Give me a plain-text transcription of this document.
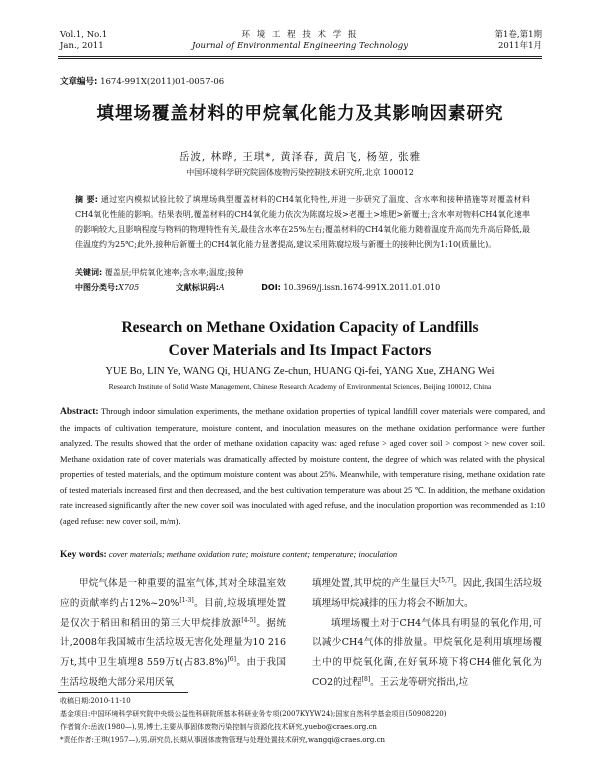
Vol.1, No.1
Jan., 2011
环 境 工 程 技 术 学 报
Journal of Environmental Engineering Technology
第1卷,第1期
2011年1月
文章编号: 1674-991X(2011)01-0057-06
填埋场覆盖材料的甲烷氧化能力及其影响因素研究
岳波, 林晔, 王琪*, 黄泽春, 黄启飞, 杨堃, 张雅
中国环境科学研究院固体废物污染控制技术研究所,北京 100012
摘 要: 通过室内模拟试验比较了填埋场典型覆盖材料的CH4氧化特性,并进一步研究了温度、含水率和接种措施等对覆盖材料CH4氧化性能的影响。结果表明,覆盖材料的CH4氧化能力依次为陈腐垃圾>老覆土>堆肥>新覆土;含水率对物料CH4氧化速率的影响较大,且影响程度与物料的物理特性有关,最佳含水率在25%左右;覆盖材料的CH4氧化能力随着温度升高而先升高后降低,最佳温度约为25℃;此外,接种后新覆土的CH4氧化能力显著提高,建议采用陈腐垃圾与新覆土的接种比例为1:10(质量比)。
关键词: 覆盖层;甲烷氧化速率;含水率;温度;接种
中图分类号:X705	文献标识码:A	DOI: 10.3969/j.issn.1674-991X.2011.01.010
Research on Methane Oxidation Capacity of Landfills
Cover Materials and Its Impact Factors
YUE Bo, LIN Ye, WANG Qi, HUANG Ze-chun, HUANG Qi-fei, YANG Xue, ZHANG Wei
Research Institute of Solid Waste Management, Chinese Research Academy of Environmental Sciences, Beijing 100012, China
Abstract: Through indoor simulation experiments, the methane oxidation properties of typical landfill cover materials were compared, and the impacts of cultivation temperature, moisture content, and inoculation measures on the methane oxidation performance were further analyzed. The results showed that the order of methane oxidation capacity was: aged refuse > aged cover soil > compost > new cover soil. Methane oxidation rate of cover materials was dramatically affected by moisture content, the degree of which was related with the physical properties of tested materials, and the optimum moisture content was about 25%. Meanwhile, with temperature rising, methane oxidation rate of tested materials increased first and then decreased, and the best cultivation temperature was about 25 ℃. In addition, the methane oxidation rate increased significantly after the new cover soil was inoculated with aged refuse, and the inoculation proportion was recommended as 1:10 (aged refuse: new cover soil, m/m).
Key words: cover materials; methane oxidation rate; moisture content; temperature; inoculation

甲烷气体是一种重要的温室气体,其对全球温室效应的贡献率约占12%~20%[1-3]。目前,垃圾填埋处置是仅次于稻田和稻田的第三大甲烷排放源[4-5]。据统计,2008年我国城市生活垃圾无害化处理量为10 216万t,其中卫生填埋8 559万t(占83.8%)[6]。由于我国生活垃圾绝大部分采用厌氧

填埋处置,其甲烷的产生量巨大[5,7]。因此,我国生活垃圾填埋场甲烷减排的压力将会不断加大。

填埋场覆土对于CH4气体具有明显的氧化作用,可以减少CH4气体的排放量。甲烷氧化是利用填埋场覆土中的甲烷氧化菌,在好氧环境下将CH4催化氧化为CO2的过程[8]。王云龙等研究指出,垃

收稿日期:2010-11-10
基金项目:中国环境科学研究院中央级公益性科研院所基本科研业务专项(2007KYYW24);国家自然科学基金项目(50908220)
作者简介:岳波(1980—),男,博士,主要从事固体废物污染控制与资源化技术研究,yuebo@craes.org.cn
*责任作者:王琪(1957—),男,研究员,长期从事固体废物管理与处理处置技术研究,wangqi@craes.org.cn
